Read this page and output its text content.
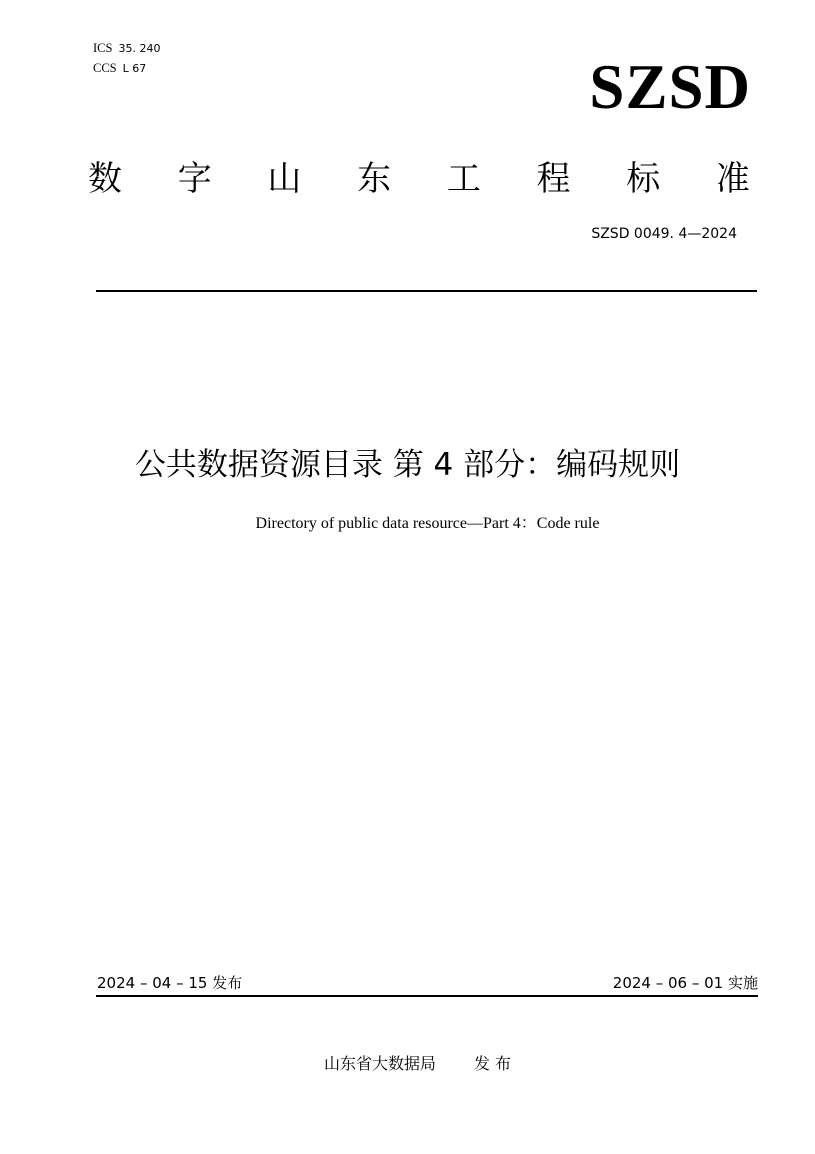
ICS 35. 240
CCS L 67	SZSD
数 字 山 东 工 程 标 准
SZSD 0049. 4—2024
公共数据资源目录 第 4 部分：编码规则
Directory of public data resource—Part 4：Code rule
2024 – 04 – 15 发布	2024 – 06 – 01 实施
山东省大数据局 发 布
